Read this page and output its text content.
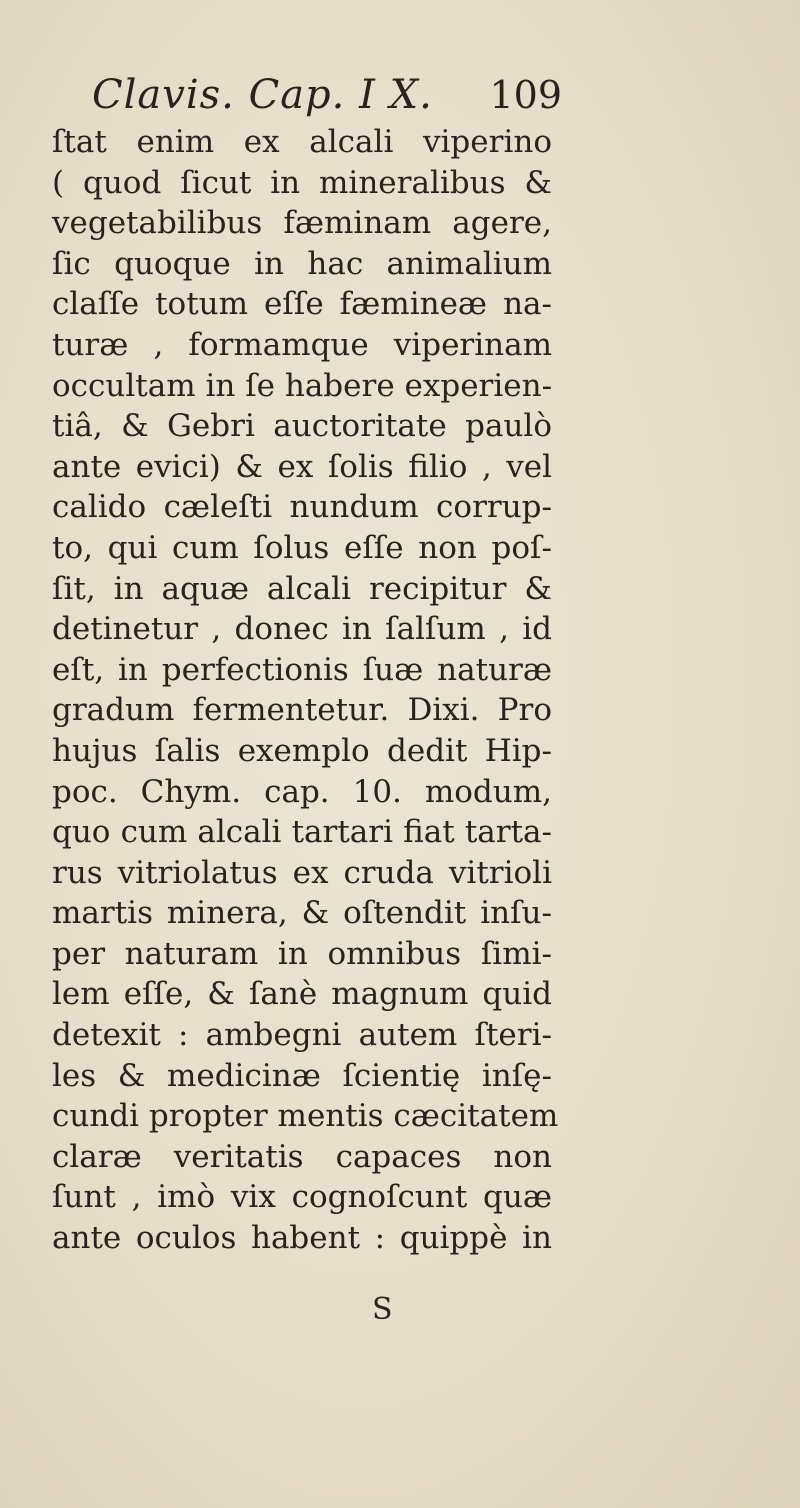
Clavis. Cap. I X. 109
ſtat enim ex alcali viperino
( quod ſicut in mineralibus &
vegetabilibus fæminam agere,
ſic quoque in hac animalium
claſſe totum eſſe fæmineæ na-
turæ , formamque viperinam
occultam in ſe habere experien-
tiâ, & Gebri auctoritate paulò
ante evici) & ex ſolis filio , vel
calido cæleſti nundum corrup-
to, qui cum ſolus eſſe non poſ-
ſit, in aquæ alcali recipitur &
detinetur , donec in ſalſum , id
eſt, in perfectionis ſuæ naturæ
gradum fermentetur. Dixi. Pro
hujus ſalis exemplo dedit Hip-
poc. Chym. cap. 10. modum,
quo cum alcali tartari fiat tarta-
rus vitriolatus ex cruda vitrioli
martis minera, & oſtendit inſu-
per naturam in omnibus ſimi-
lem eſſe, & ſanè magnum quid
detexit : ambegni autem ſteri-
les & medicinæ ſcientię inſę-
cundi propter mentis cæcitatem
claræ veritatis capaces non
ſunt , imò vix cognoſcunt quæ
ante oculos habent : quippè in
S
